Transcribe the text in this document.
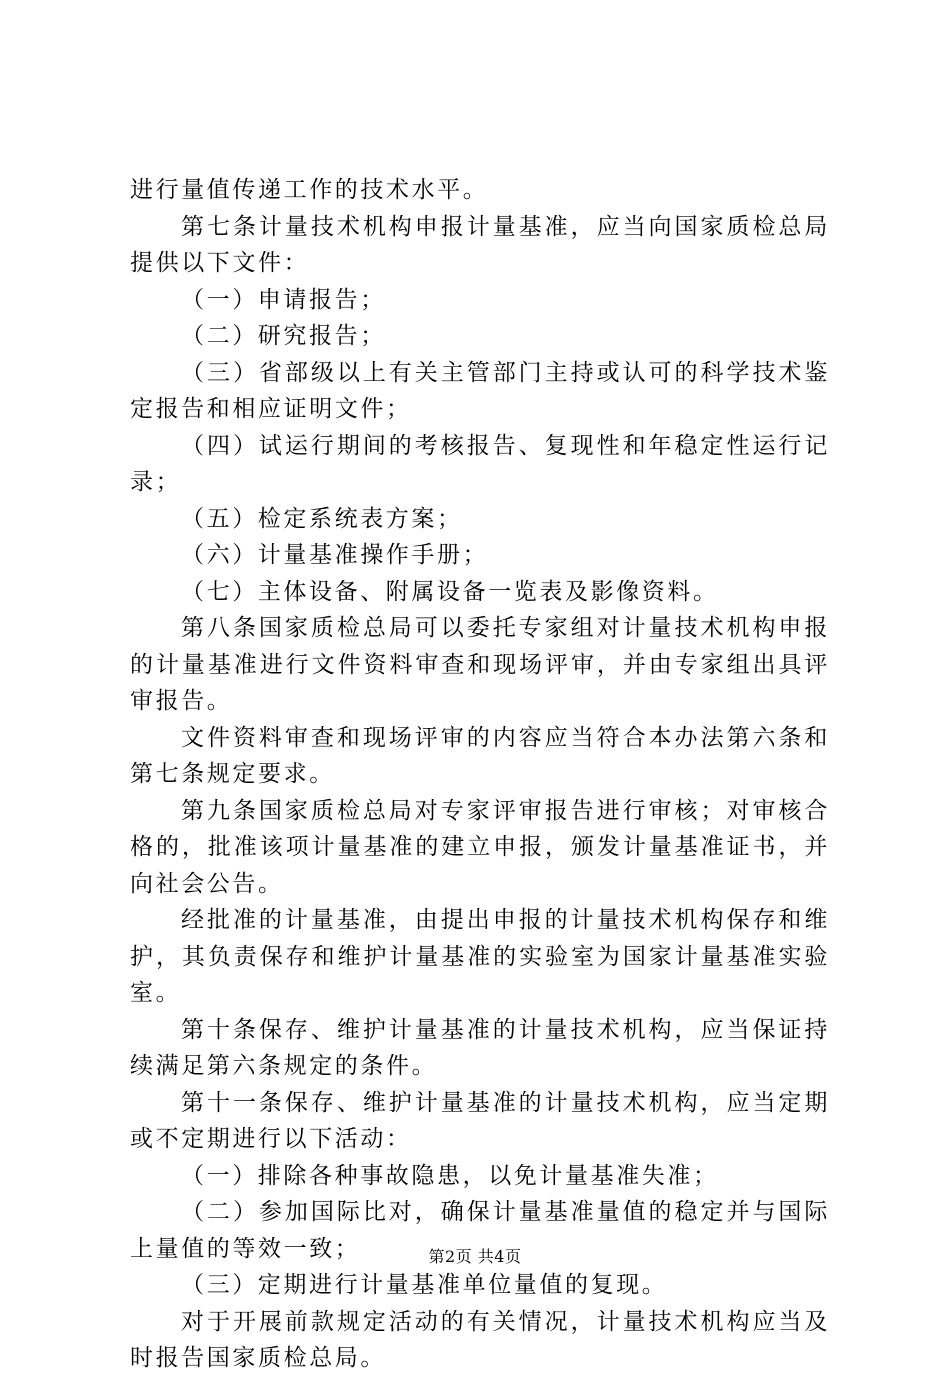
进行量值传递工作的技术水平。

第七条计量技术机构申报计量基准，应当向国家质检总局提供以下文件：

（一）申请报告；

（二）研究报告；

（三）省部级以上有关主管部门主持或认可的科学技术鉴定报告和相应证明文件；

（四）试运行期间的考核报告、复现性和年稳定性运行记录；

（五）检定系统表方案；

（六）计量基准操作手册；

（七）主体设备、附属设备一览表及影像资料。

第八条国家质检总局可以委托专家组对计量技术机构申报的计量基准进行文件资料审查和现场评审，并由专家组出具评审报告。

文件资料审查和现场评审的内容应当符合本办法第六条和第七条规定要求。

第九条国家质检总局对专家评审报告进行审核；对审核合格的，批准该项计量基准的建立申报，颁发计量基准证书，并向社会公告。

经批准的计量基准，由提出申报的计量技术机构保存和维护，其负责保存和维护计量基准的实验室为国家计量基准实验室。

第十条保存、维护计量基准的计量技术机构，应当保证持续满足第六条规定的条件。

第十一条保存、维护计量基准的计量技术机构，应当定期或不定期进行以下活动：

（一）排除各种事故隐患，以免计量基准失准；

（二）参加国际比对，确保计量基准量值的稳定并与国际上量值的等效一致；

（三）定期进行计量基准单位量值的复现。

对于开展前款规定活动的有关情况，计量技术机构应当及时报告国家质检总局。

第2页 共4页
